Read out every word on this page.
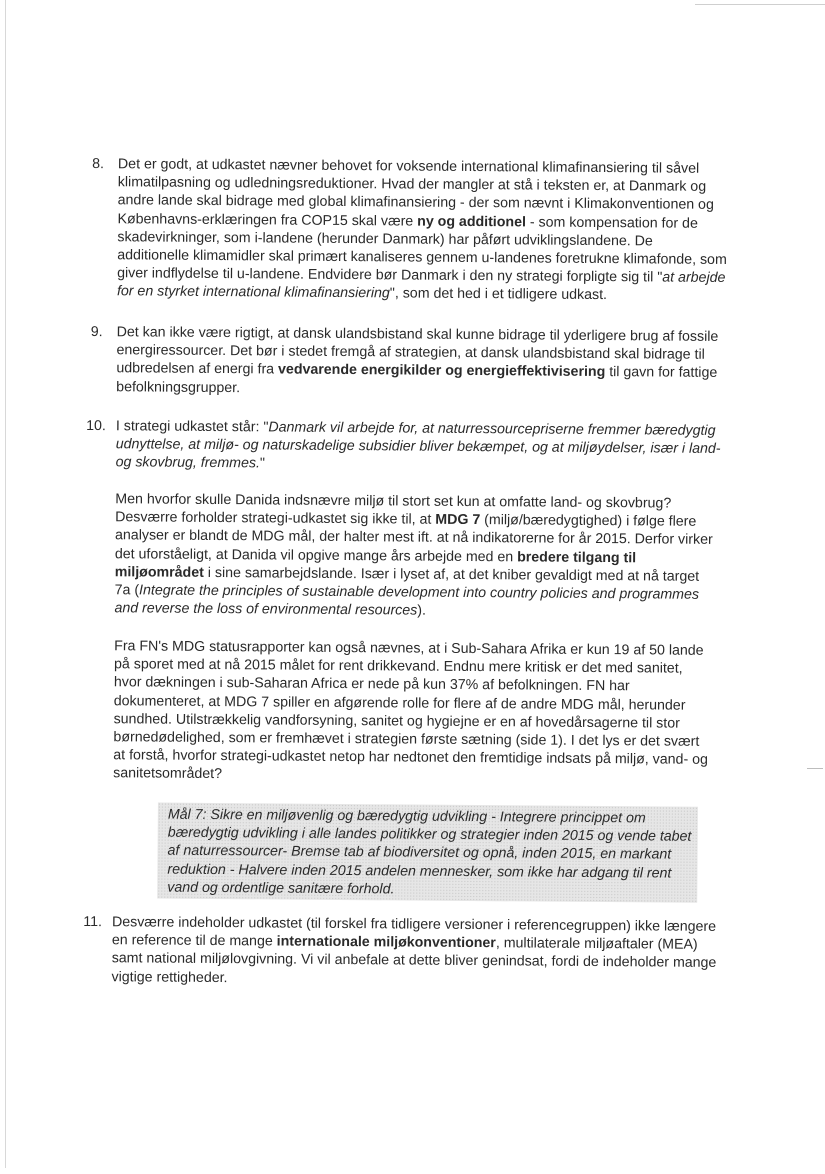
8. Det er godt, at udkastet nævner behovet for voksende international klimafinansiering til såvel klimatilpasning og udledningsreduktioner. Hvad der mangler at stå i teksten er, at Danmark og andre lande skal bidrage med global klimafinansiering - der som nævnt i Klimakonventionen og Københavns-erklæringen fra COP15 skal være ny og additionel - som kompensation for de skadevirkninger, som i-landene (herunder Danmark) har påført udviklingslandene. De additionelle klimamidler skal primært kanaliseres gennem u-landenes foretrukne klimafonde, som giver indflydelse til u-landene. Endvidere bør Danmark i den ny strategi forpligte sig til "at arbejde for en styrket international klimafinansiering", som det hed i et tidligere udkast.
9. Det kan ikke være rigtigt, at dansk ulandsbistand skal kunne bidrage til yderligere brug af fossile energiressourcer. Det bør i stedet fremgå af strategien, at dansk ulandsbistand skal bidrage til udbredelsen af energi fra vedvarende energikilder og energieffektivisering til gavn for fattige befolkningsgrupper.
10. I strategi udkastet står: "Danmark vil arbejde for, at naturressourcepriserne fremmer bæredygtig udnyttelse, at miljø- og naturskadelige subsidier bliver bekæmpet, og at miljøydelser, især i land- og skovbrug, fremmes."
Men hvorfor skulle Danida indsnævre miljø til stort set kun at omfatte land- og skovbrug? Desværre forholder strategi-udkastet sig ikke til, at MDG 7 (miljø/bæredygtighed) i følge flere analyser er blandt de MDG mål, der halter mest ift. at nå indikatorerne for år 2015. Derfor virker det uforståeligt, at Danida vil opgive mange års arbejde med en bredere tilgang til miljøområdet i sine samarbejdslande. Især i lyset af, at det kniber gevaldigt med at nå target 7a (Integrate the principles of sustainable development into country policies and programmes and reverse the loss of environmental resources).
Fra FN's MDG statusrapporter kan også nævnes, at i Sub-Sahara Afrika er kun 19 af 50 lande på sporet med at nå 2015 målet for rent drikkevand. Endnu mere kritisk er det med sanitet, hvor dækningen i sub-Saharan Africa er nede på kun 37% af befolkningen. FN har dokumenteret, at MDG 7 spiller en afgørende rolle for flere af de andre MDG mål, herunder sundhed. Utilstrækkelig vandforsyning, sanitet og hygiejne er en af hovedårsagerne til stor børnedødelighed, som er fremhævet i strategien første sætning (side 1). I det lys er det svært at forstå, hvorfor strategi-udkastet netop har nedtonet den fremtidige indsats på miljø, vand- og sanitetsområdet?
Mål 7: Sikre en miljøvenlig og bæredygtig udvikling - Integrere princippet om bæredygtig udvikling i alle landes politikker og strategier inden 2015 og vende tabet af naturressourcer- Bremse tab af biodiversitet og opnå, inden 2015, en markant reduktion - Halvere inden 2015 andelen mennesker, som ikke har adgang til rent vand og ordentlige sanitære forhold.
11. Desværre indeholder udkastet (til forskel fra tidligere versioner i referencegruppen) ikke længere en reference til de mange internationale miljøkonventioner, multilaterale miljøaftaler (MEA) samt national miljølovgivning. Vi vil anbefale at dette bliver genindsat, fordi de indeholder mange vigtige rettigheder.
